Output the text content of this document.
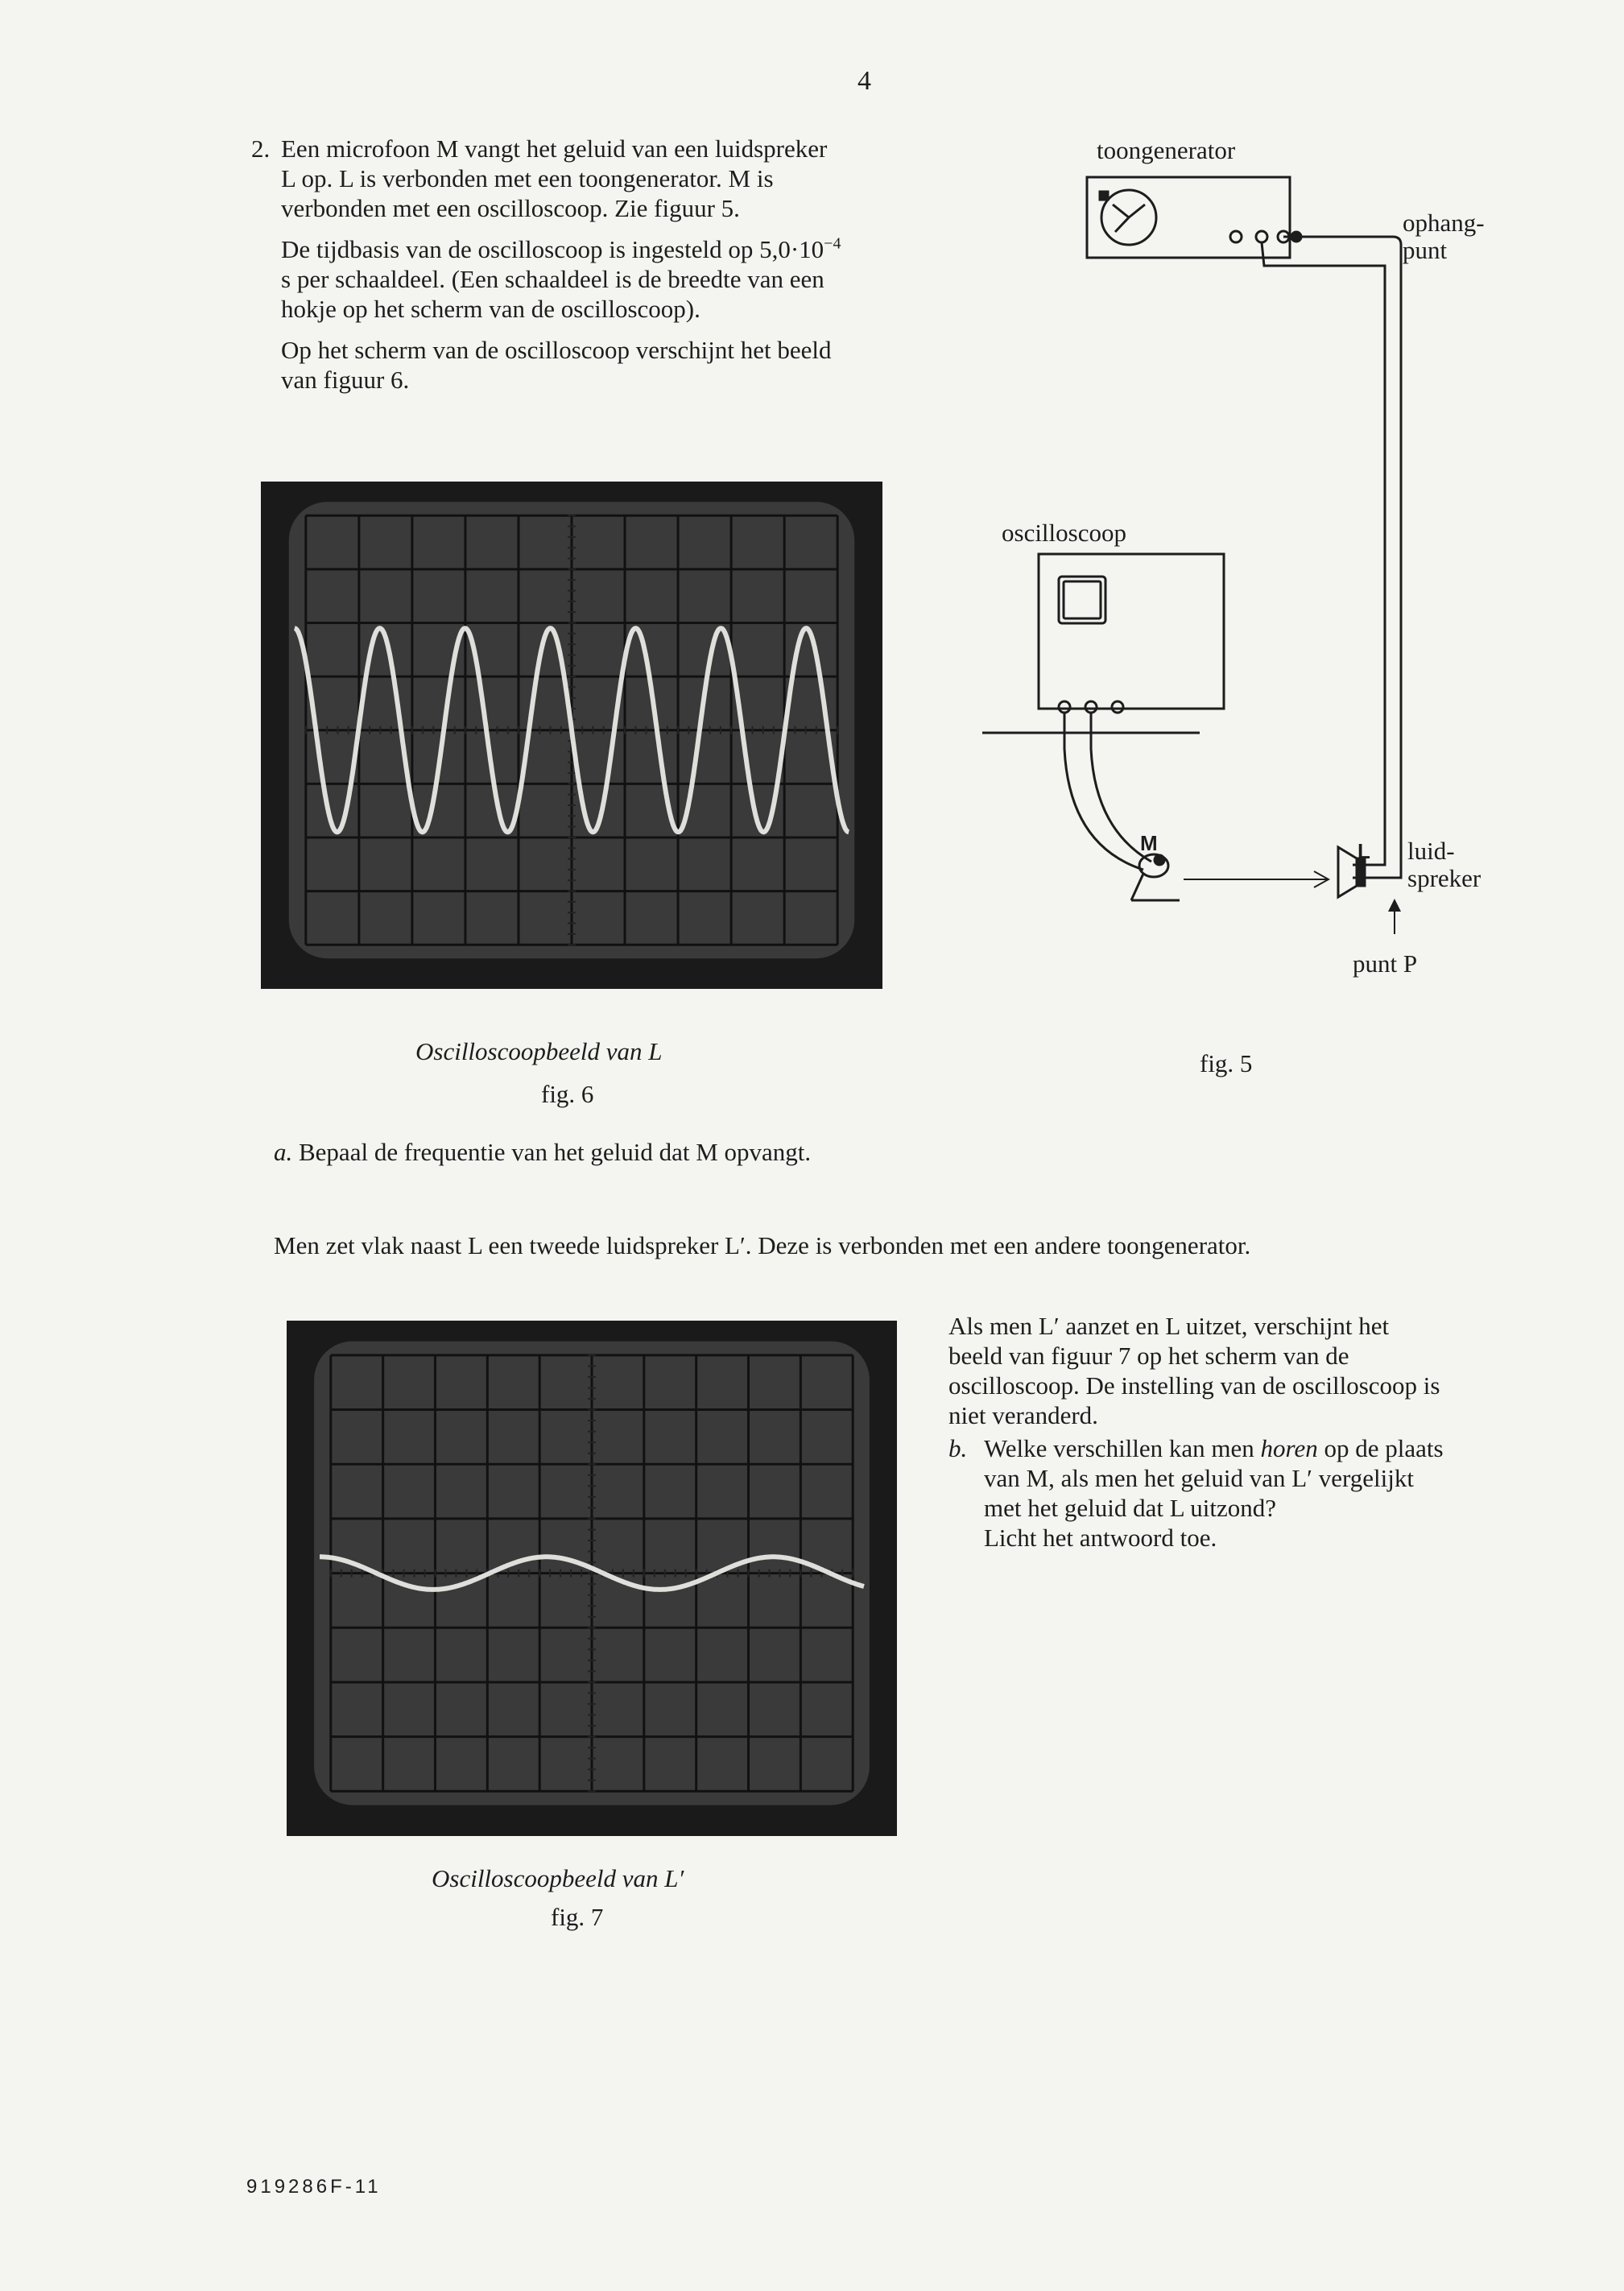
4

2. Een microfoon M vangt het geluid van een luidspreker L op. L is verbonden met een toongenerator. M is verbonden met een oscilloscoop. Zie figuur 5.

De tijdbasis van de oscilloscoop is ingesteld op $5,0\cdot 10^{-4}$ s per schaaldeel. (Een schaaldeel is de breedte van een hokje op het scherm van de oscilloscoop).

Op het scherm van de oscilloscoop verschijnt het beeld van figuur 6.

toongenerator
ophang-
punt
oscilloscoop
M	L luid-
spreker
punt P
fig. 5
Oscilloscoopbeeld van L
fig. 6
a. Bepaal de frequentie van het geluid dat M opvangt.
Men zet vlak naast L een tweede luidspreker L′. Deze is verbonden met een andere toongenerator.
Oscilloscoopbeeld van L′
fig. 7

Als men L′ aanzet en L uitzet, verschijnt het beeld van figuur 7 op het scherm van de oscilloscoop. De instelling van de oscilloscoop is niet veranderd.

b. Welke verschillen kan men horen op de plaats van M, als men het geluid van L′ vergelijkt met het geluid dat L uitzond?

Licht het antwoord toe.

919286F-11
